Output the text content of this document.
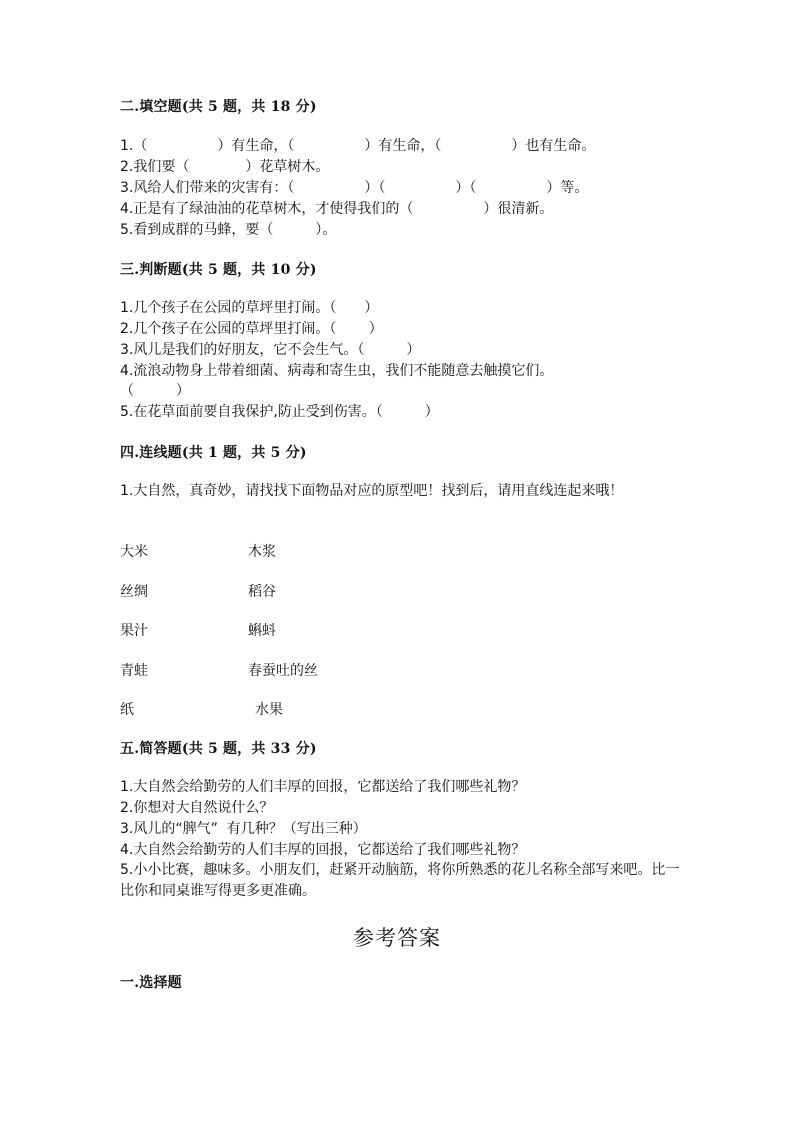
二.填空题(共 5 题，共 18 分)
1.（　　　　　）有生命，（　　　　　）有生命，（　　　　　）也有生命。
2.我们要（　　　　）花草树木。
3.风给人们带来的灾害有：（　　　　　）（　　　　　）（　　　　　）等。
4.正是有了绿油油的花草树木，才使得我们的（　　　　　）很清新。
5.看到成群的马蜂，要（　　　）。
三.判断题(共 5 题，共 10 分)
1.几个孩子在公园的草坪里打闹。（　　）
2.几个孩子在公园的草坪里打闹。（　　 ）
3.风儿是我们的好朋友，它不会生气。（　　　）
4.流浪动物身上带着细菌、病毒和寄生虫，我们不能随意去触摸它们。
（　　　）
5.在花草面前要自我保护,防止受到伤害。（　　　）
四.连线题(共 1 题，共 5 分)
1.大自然，真奇妙，请找找下面物品对应的原型吧！找到后，请用直线连起来哦！
大米	木浆
丝绸	稻谷
果汁	蝌蚪
青蛙	春蚕吐的丝
纸	水果
五.简答题(共 5 题，共 33 分)
1.大自然会给勤劳的人们丰厚的回报，它都送给了我们哪些礼物？
2.你想对大自然说什么？
3.风儿的“脾气”  有几种？（写出三种）
4.大自然会给勤劳的人们丰厚的回报，它都送给了我们哪些礼物？
5.小小比赛，趣味多。小朋友们，赶紧开动脑筋，将你所熟悉的花儿名称全部写来吧。比一比你和同桌谁写得更多更准确。
参考答案
一.选择题
